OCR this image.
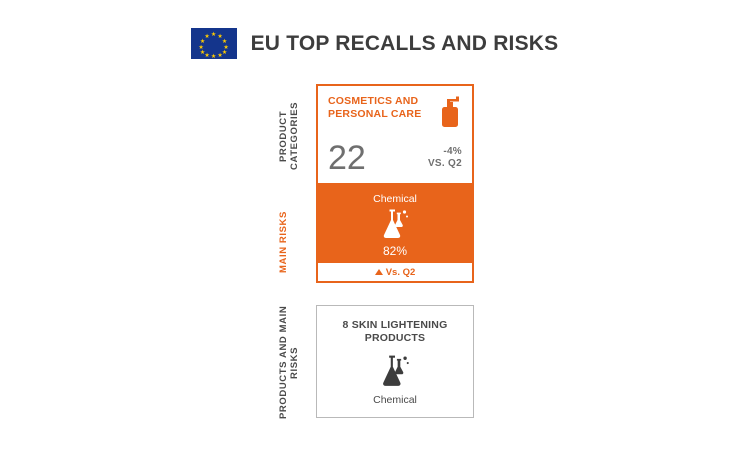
★ ★
★
★
★
★
★
★
★
★
★
★ EU TOP RECALLS AND RISKS
PRODUCT CATEGORIES
MAIN RISKS
PRODUCTS AND MAIN RISKS
COSMETICS AND PERSONAL CARE
22	-4%
VS. Q2
Chemical
82%
Vs. Q2
8 SKIN LIGHTENING PRODUCTS
Chemical
